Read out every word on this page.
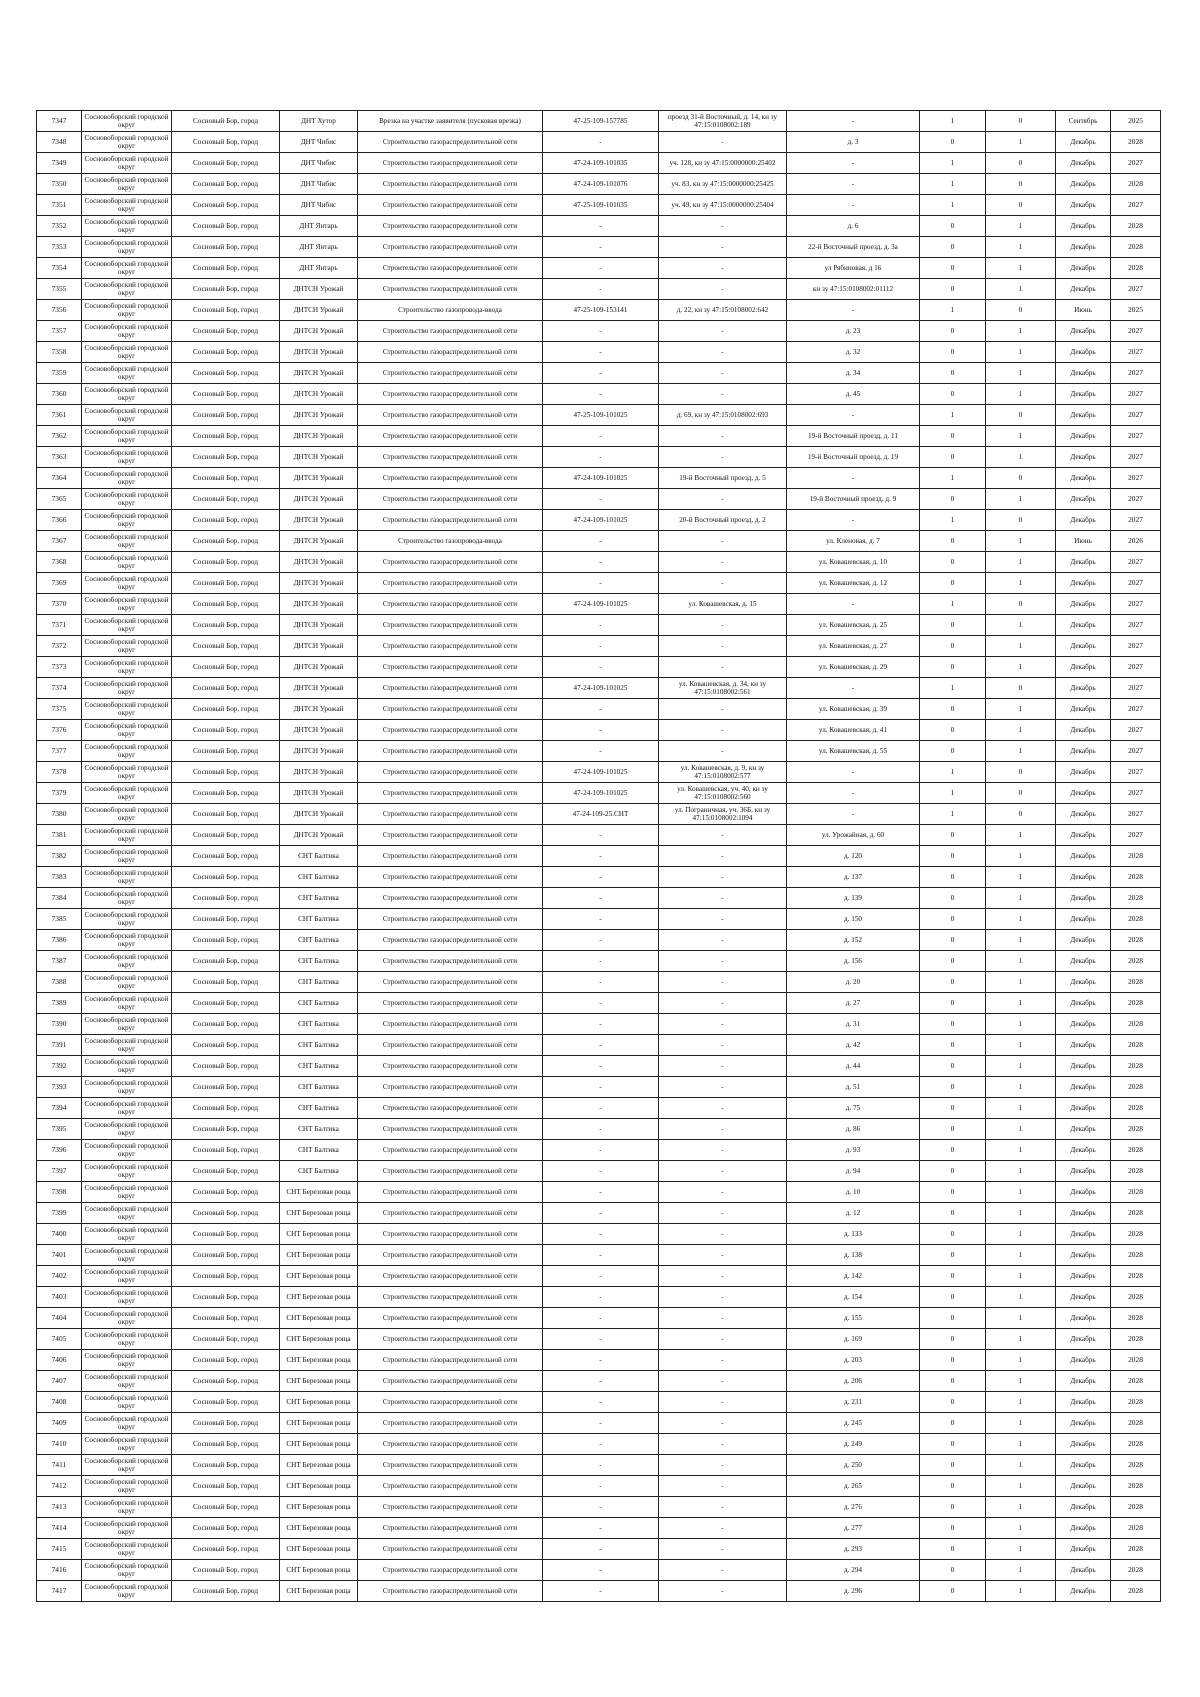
7347	Сосновоборский городской округ	Сосновый Бор, город	ДНТ Хутор	Врезка на участке заявителя (пусковая врезка)	47-25-109-157785	проезд 31-й Восточный, д. 14, кн зу 47:15:0108002:189	-	1	0	Сентябрь	2025
7348	Сосновоборский городской округ	Сосновый Бор, город	ДНТ Чибис	Строительство газораспределительной сети	-	-	д. 3	0	1	Декабрь	2028
7349	Сосновоборский городской округ	Сосновый Бор, город	ДНТ Чибис	Строительство газораспределительной сети	47-24-109-101035	уч. 128, кн зу 47:15:0000000:25402	-	1	0	Декабрь	2027
7350	Сосновоборский городской округ	Сосновый Бор, город	ДНТ Чибис	Строительство газораспределительной сети	47-24-109-101076	уч. 83, кн зу 47:15:0000000:25425	-	1	0	Декабрь	2028
7351	Сосновоборский городской округ	Сосновый Бор, город	ДНТ Чибис	Строительство газораспределительной сети	47-25-109-101035	уч. 49, кн зу 47:15:0000000:25404	-	1	0	Декабрь	2027
7352	Сосновоборский городской округ	Сосновый Бор, город	ДНТ Янтарь	Строительство газораспределительной сети	-	-	д. 6	0	1	Декабрь	2028
7353	Сосновоборский городской округ	Сосновый Бор, город	ДНТ Янтарь	Строительство газораспределительной сети	-	-	22-й Восточный проезд, д. 3а	0	1	Декабрь	2028
7354	Сосновоборский городской округ	Сосновый Бор, город	ДНТ Янтарь	Строительство газораспределительной сети	-	-	ул Рябиновая, д 16	0	1	Декабрь	2028
7355	Сосновоборский городской округ	Сосновый Бор, город	ДНТСН Урожай	Строительство газораспределительной сети	-	-	кн зу 47:15:0108002:01112	0	1	Декабрь	2027
7356	Сосновоборский городской округ	Сосновый Бор, город	ДНТСН Урожай	Строительство газопровода-ввода	47-25-109-153141	д. 22, кн зу 47:15:0108002:642	-	1	0	Июнь	2025
7357	Сосновоборский городской округ	Сосновый Бор, город	ДНТСН Урожай	Строительство газораспределительной сети	-	-	д. 23	0	1	Декабрь	2027
7358	Сосновоборский городской округ	Сосновый Бор, город	ДНТСН Урожай	Строительство газораспределительной сети	-	-	д. 32	0	1	Декабрь	2027
7359	Сосновоборский городской округ	Сосновый Бор, город	ДНТСН Урожай	Строительство газораспределительной сети	-	-	д. 34	0	1	Декабрь	2027
7360	Сосновоборский городской округ	Сосновый Бор, город	ДНТСН Урожай	Строительство газораспределительной сети	-	-	д. 45	0	1	Декабрь	2027
7361	Сосновоборский городской округ	Сосновый Бор, город	ДНТСН Урожай	Строительство газораспределительной сети	47-25-109-101025	д. 69, кн зу 47:15:0108002:693	-	1	0	Декабрь	2027
7362	Сосновоборский городской округ	Сосновый Бор, город	ДНТСН Урожай	Строительство газораспределительной сети	-	-	19-й Восточный проезд, д. 11	0	1	Декабрь	2027
7363	Сосновоборский городской округ	Сосновый Бор, город	ДНТСН Урожай	Строительство газораспределительной сети	-	-	19-й Восточный проезд, д. 19	0	1	Декабрь	2027
7364	Сосновоборский городской округ	Сосновый Бор, город	ДНТСН Урожай	Строительство газораспределительной сети	47-24-109-101025	19-й Восточный проезд, д. 5	-	1	0	Декабрь	2027
7365	Сосновоборский городской округ	Сосновый Бор, город	ДНТСН Урожай	Строительство газораспределительной сети	-	-	19-й Восточный проезд, д. 9	0	1	Декабрь	2027
7366	Сосновоборский городской округ	Сосновый Бор, город	ДНТСН Урожай	Строительство газораспределительной сети	47-24-109-101025	20-й Восточный проезд, д. 2	-	1	0	Декабрь	2027
7367	Сосновоборский городской округ	Сосновый Бор, город	ДНТСН Урожай	Строительство газопровода-ввода	-	-	ул. Кленовая, д. 7	0	1	Июнь	2026
7368	Сосновоборский городской округ	Сосновый Бор, город	ДНТСН Урожай	Строительство газораспределительной сети	-	-	ул. Ковашевская, д. 10	0	1	Декабрь	2027
7369	Сосновоборский городской округ	Сосновый Бор, город	ДНТСН Урожай	Строительство газораспределительной сети	-	-	ул. Ковашевская, д. 12	0	1	Декабрь	2027
7370	Сосновоборский городской округ	Сосновый Бор, город	ДНТСН Урожай	Строительство газораспределительной сети	47-24-109-101025	ул. Ковашевская, д. 15	-	1	0	Декабрь	2027
7371	Сосновоборский городской округ	Сосновый Бор, город	ДНТСН Урожай	Строительство газораспределительной сети	-	-	ул. Ковашевская, д. 25	0	1	Декабрь	2027
7372	Сосновоборский городской округ	Сосновый Бор, город	ДНТСН Урожай	Строительство газораспределительной сети	-	-	ул. Ковашевская, д. 27	0	1	Декабрь	2027
7373	Сосновоборский городской округ	Сосновый Бор, город	ДНТСН Урожай	Строительство газораспределительной сети	-	-	ул. Ковашевская, д. 29	0	1	Декабрь	2027
7374	Сосновоборский городской округ	Сосновый Бор, город	ДНТСН Урожай	Строительство газораспределительной сети	47-24-109-101025	ул. Ковашевская, д. 34, кн зу 47:15:0108002:561	-	1	0	Декабрь	2027
7375	Сосновоборский городской округ	Сосновый Бор, город	ДНТСН Урожай	Строительство газораспределительной сети	-	-	ул. Ковашевская, д. 39	0	1	Декабрь	2027
7376	Сосновоборский городской округ	Сосновый Бор, город	ДНТСН Урожай	Строительство газораспределительной сети	-	-	ул. Ковашевская, д. 41	0	1	Декабрь	2027
7377	Сосновоборский городской округ	Сосновый Бор, город	ДНТСН Урожай	Строительство газораспределительной сети	-	-	ул. Ковашевская, д. 55	0	1	Декабрь	2027
7378	Сосновоборский городской округ	Сосновый Бор, город	ДНТСН Урожай	Строительство газораспределительной сети	47-24-109-101025	ул. Ковашевская, д. 9, кн зу 47:15:0108002:577	-	1	0	Декабрь	2027
7379	Сосновоборский городской округ	Сосновый Бор, город	ДНТСН Урожай	Строительство газораспределительной сети	47-24-109-101025	ул. Ковашевская, уч. 40, кн зу 47:15:0108002:560	-	1	0	Декабрь	2027
7380	Сосновоборский городской округ	Сосновый Бор, город	ДНТСН Урожай	Строительство газораспределительной сети	47-24-109-25.СНТ	ул. Пограничная, уч. 36Б, кн зу 47:15:0108002:1094	-	1	0	Декабрь	2027
7381	Сосновоборский городской округ	Сосновый Бор, город	ДНТСН Урожай	Строительство газораспределительной сети	-	-	ул. Урожайная, д. 60	0	1	Декабрь	2027
7382	Сосновоборский городской округ	Сосновый Бор, город	СНТ Балтика	Строительство газораспределительной сети	-	-	д. 120	0	1	Декабрь	2028
7383	Сосновоборский городской округ	Сосновый Бор, город	СНТ Балтика	Строительство газораспределительной сети	-	-	д. 137	0	1	Декабрь	2028
7384	Сосновоборский городской округ	Сосновый Бор, город	СНТ Балтика	Строительство газораспределительной сети	-	-	д. 139	0	1	Декабрь	2028
7385	Сосновоборский городской округ	Сосновый Бор, город	СНТ Балтика	Строительство газораспределительной сети	-	-	д. 150	0	1	Декабрь	2028
7386	Сосновоборский городской округ	Сосновый Бор, город	СНТ Балтика	Строительство газораспределительной сети	-	-	д. 152	0	1	Декабрь	2028
7387	Сосновоборский городской округ	Сосновый Бор, город	СНТ Балтика	Строительство газораспределительной сети	-	-	д. 156	0	1	Декабрь	2028
7388	Сосновоборский городской округ	Сосновый Бор, город	СНТ Балтика	Строительство газораспределительной сети	-	-	д. 20	0	1	Декабрь	2028
7389	Сосновоборский городской округ	Сосновый Бор, город	СНТ Балтика	Строительство газораспределительной сети	-	-	д. 27	0	1	Декабрь	2028
7390	Сосновоборский городской округ	Сосновый Бор, город	СНТ Балтика	Строительство газораспределительной сети	-	-	д. 31	0	1	Декабрь	2028
7391	Сосновоборский городской округ	Сосновый Бор, город	СНТ Балтика	Строительство газораспределительной сети	-	-	д. 42	0	1	Декабрь	2028
7392	Сосновоборский городской округ	Сосновый Бор, город	СНТ Балтика	Строительство газораспределительной сети	-	-	д. 44	0	1	Декабрь	2028
7393	Сосновоборский городской округ	Сосновый Бор, город	СНТ Балтика	Строительство газораспределительной сети	-	-	д. 51	0	1	Декабрь	2028
7394	Сосновоборский городской округ	Сосновый Бор, город	СНТ Балтика	Строительство газораспределительной сети	-	-	д. 75	0	1	Декабрь	2028
7395	Сосновоборский городской округ	Сосновый Бор, город	СНТ Балтика	Строительство газораспределительной сети	-	-	д. 86	0	1	Декабрь	2028
7396	Сосновоборский городской округ	Сосновый Бор, город	СНТ Балтика	Строительство газораспределительной сети	-	-	д. 93	0	1	Декабрь	2028
7397	Сосновоборский городской округ	Сосновый Бор, город	СНТ Балтика	Строительство газораспределительной сети	-	-	д. 94	0	1	Декабрь	2028
7398	Сосновоборский городской округ	Сосновый Бор, город	СНТ Березовая роща	Строительство газораспределительной сети	-	-	д. 10	0	1	Декабрь	2028
7399	Сосновоборский городской округ	Сосновый Бор, город	СНТ Березовая роща	Строительство газораспределительной сети	-	-	д. 12	0	1	Декабрь	2028
7400	Сосновоборский городской округ	Сосновый Бор, город	СНТ Березовая роща	Строительство газораспределительной сети	-	-	д. 133	0	1	Декабрь	2028
7401	Сосновоборский городской округ	Сосновый Бор, город	СНТ Березовая роща	Строительство газораспределительной сети	-	-	д. 138	0	1	Декабрь	2028
7402	Сосновоборский городской округ	Сосновый Бор, город	СНТ Березовая роща	Строительство газораспределительной сети	-	-	д. 142	0	1	Декабрь	2028
7403	Сосновоборский городской округ	Сосновый Бор, город	СНТ Березовая роща	Строительство газораспределительной сети	-	-	д. 154	0	1	Декабрь	2028
7404	Сосновоборский городской округ	Сосновый Бор, город	СНТ Березовая роща	Строительство газораспределительной сети	-	-	д. 155	0	1	Декабрь	2028
7405	Сосновоборский городской округ	Сосновый Бор, город	СНТ Березовая роща	Строительство газораспределительной сети	-	-	д. 169	0	1	Декабрь	2028
7406	Сосновоборский городской округ	Сосновый Бор, город	СНТ Березовая роща	Строительство газораспределительной сети	-	-	д. 203	0	1	Декабрь	2028
7407	Сосновоборский городской округ	Сосновый Бор, город	СНТ Березовая роща	Строительство газораспределительной сети	-	-	д. 206	0	1	Декабрь	2028
7408	Сосновоборский городской округ	Сосновый Бор, город	СНТ Березовая роща	Строительство газораспределительной сети	-	-	д. 231	0	1	Декабрь	2028
7409	Сосновоборский городской округ	Сосновый Бор, город	СНТ Березовая роща	Строительство газораспределительной сети	-	-	д. 245	0	1	Декабрь	2028
7410	Сосновоборский городской округ	Сосновый Бор, город	СНТ Березовая роща	Строительство газораспределительной сети	-	-	д. 249	0	1	Декабрь	2028
7411	Сосновоборский городской округ	Сосновый Бор, город	СНТ Березовая роща	Строительство газораспределительной сети	-	-	д. 250	0	1	Декабрь	2028
7412	Сосновоборский городской округ	Сосновый Бор, город	СНТ Березовая роща	Строительство газораспределительной сети	-	-	д. 265	0	1	Декабрь	2028
7413	Сосновоборский городской округ	Сосновый Бор, город	СНТ Березовая роща	Строительство газораспределительной сети	-	-	д. 276	0	1	Декабрь	2028
7414	Сосновоборский городской округ	Сосновый Бор, город	СНТ Березовая роща	Строительство газораспределительной сети	-	-	д. 277	0	1	Декабрь	2028
7415	Сосновоборский городской округ	Сосновый Бор, город	СНТ Березовая роща	Строительство газораспределительной сети	-	-	д. 293	0	1	Декабрь	2028
7416	Сосновоборский городской округ	Сосновый Бор, город	СНТ Березовая роща	Строительство газораспределительной сети	-	-	д. 294	0	1	Декабрь	2028
7417	Сосновоборский городской округ	Сосновый Бор, город	СНТ Березовая роща	Строительство газораспределительной сети	-	-	д. 296	0	1	Декабрь	2028
